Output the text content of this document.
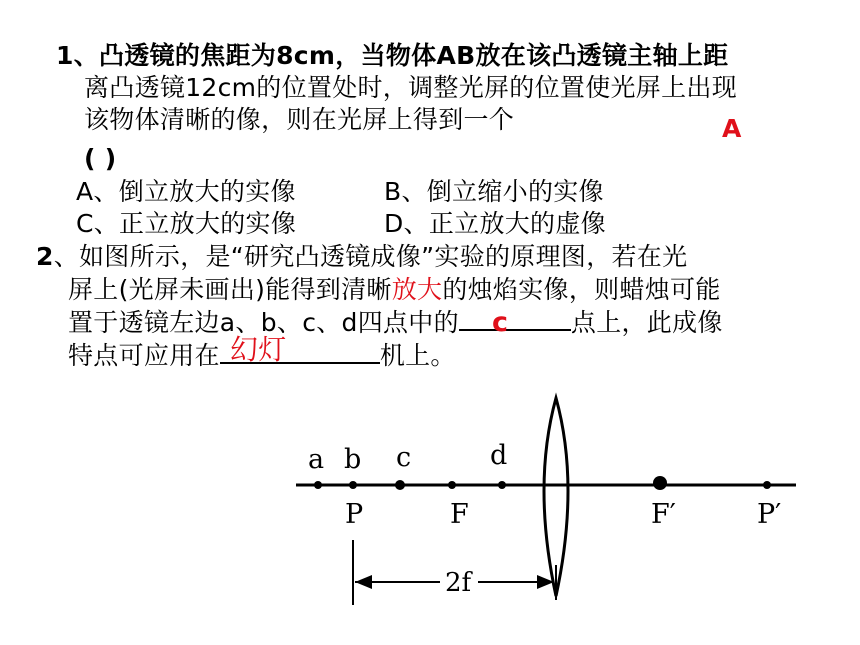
1、凸透镜的焦距为8cm，当物体AB放在该凸透镜主轴上距
离凸透镜12cm的位置处时，调整光屏的位置使光屏上出现
该物体清晰的像，则在光屏上得到一个	A
( )
A、倒立放大的实像	B、倒立缩小的实像
C、正立放大的实像	D、正立放大的虚像
2、如图所示，是“研究凸透镜成像”实验的原理图，若在光
屏上(光屏未画出)能得到清晰放大的烛焰实像，则蜡烛可能
置于透镜左边a、b、c、d四点中的	点上，此成像
特点可应用在	机上。
c
幻灯
a b c	d
P	F	F′	P′
2f
